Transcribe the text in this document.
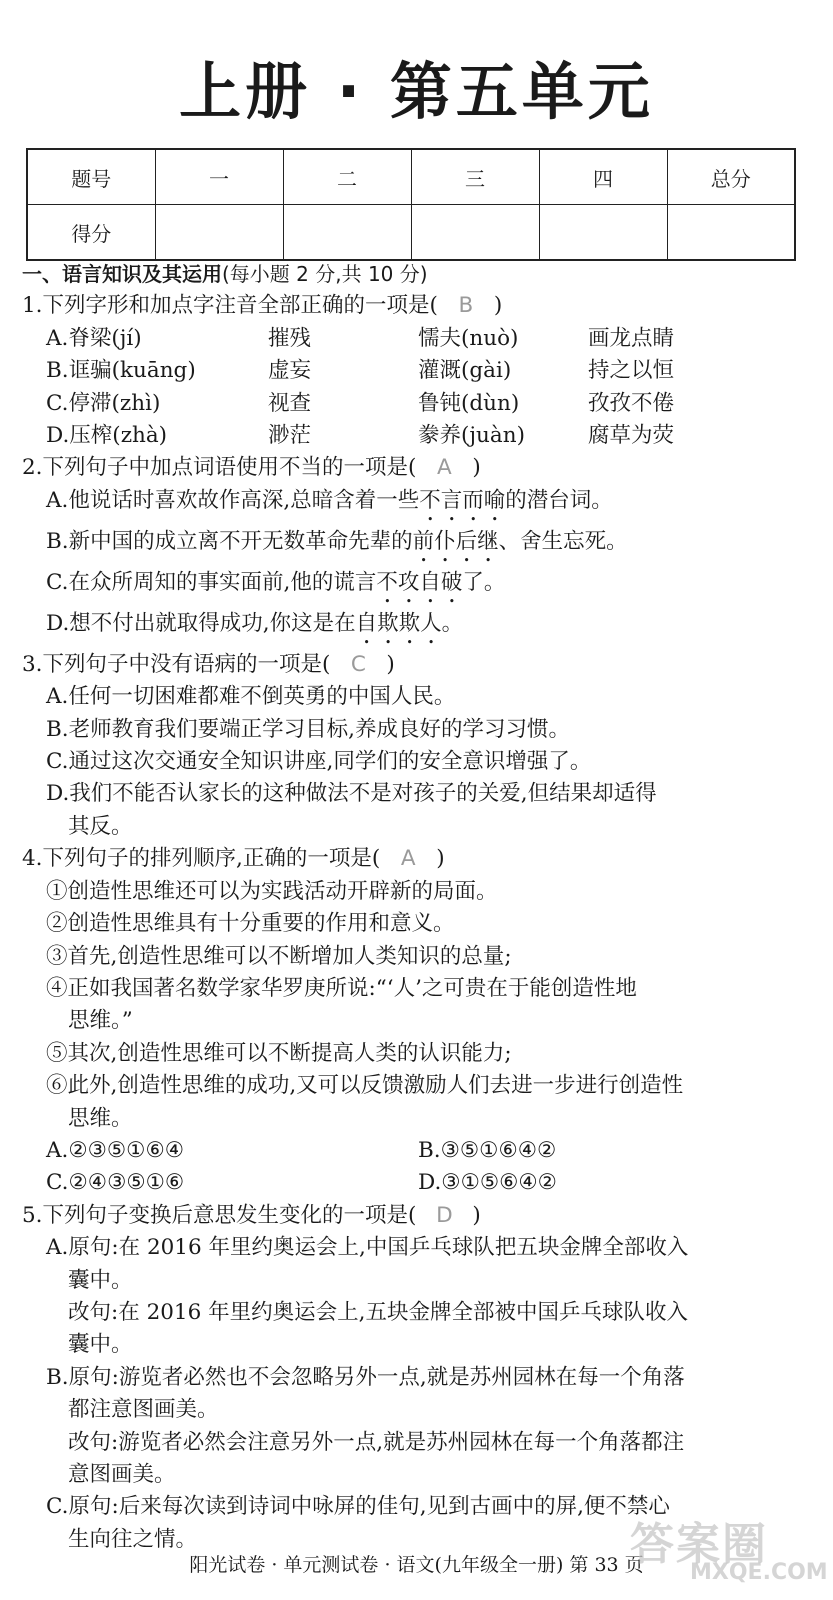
上册 · 第五单元
题号	一	二	三	四	总分
得分					
一、语言知识及其运用(每小题 2 分,共 10 分)
1.下列字形和加点字注音全部正确的一项是( B )
A.脊梁(jí)	摧残	懦夫(nuò)	画龙点睛
B.诓骗(kuāng)	虚妄	灌溉(gài)	持之以恒
C.停滞(zhì)	视查	鲁钝(dùn)	孜孜不倦
D.压榨(zhà)	渺茫	豢养(juàn)	腐草为荧
2.下列句子中加点词语使用不当的一项是( A )
A.他说话时喜欢故作高深,总暗含着一些不言而喻的潜台词。
B.新中国的成立离不开无数革命先辈的前仆后继、舍生忘死。
C.在众所周知的事实面前,他的谎言不攻自破了。
D.想不付出就取得成功,你这是在自欺欺人。
3.下列句子中没有语病的一项是( C )
A.任何一切困难都难不倒英勇的中国人民。
B.老师教育我们要端正学习目标,养成良好的学习习惯。
C.通过这次交通安全知识讲座,同学们的安全意识增强了。
D.我们不能否认家长的这种做法不是对孩子的关爱,但结果却适得
其反。
4.下列句子的排列顺序,正确的一项是( A )
①创造性思维还可以为实践活动开辟新的局面。
②创造性思维具有十分重要的作用和意义。
③首先,创造性思维可以不断增加人类知识的总量;
④正如我国著名数学家华罗庚所说:“‘人’之可贵在于能创造性地
思维。”
⑤其次,创造性思维可以不断提高人类的认识能力;
⑥此外,创造性思维的成功,又可以反馈激励人们去进一步进行创造性
思维。
A.②③⑤①⑥④	B.③⑤①⑥④②
C.②④③⑤①⑥	D.③①⑤⑥④②
5.下列句子变换后意思发生变化的一项是( D )
A.原句:在 2016 年里约奥运会上,中国乒乓球队把五块金牌全部收入
囊中。
改句:在 2016 年里约奥运会上,五块金牌全部被中国乒乓球队收入
囊中。
B.原句:游览者必然也不会忽略另外一点,就是苏州园林在每一个角落
都注意图画美。
改句:游览者必然会注意另外一点,就是苏州园林在每一个角落都注
意图画美。
C.原句:后来每次读到诗词中咏屏的佳句,见到古画中的屏,便不禁心
生向往之情。
阳光试卷 · 单元测试卷 · 语文(九年级全一册) 第 33 页
答案圈
MXQE.COM
